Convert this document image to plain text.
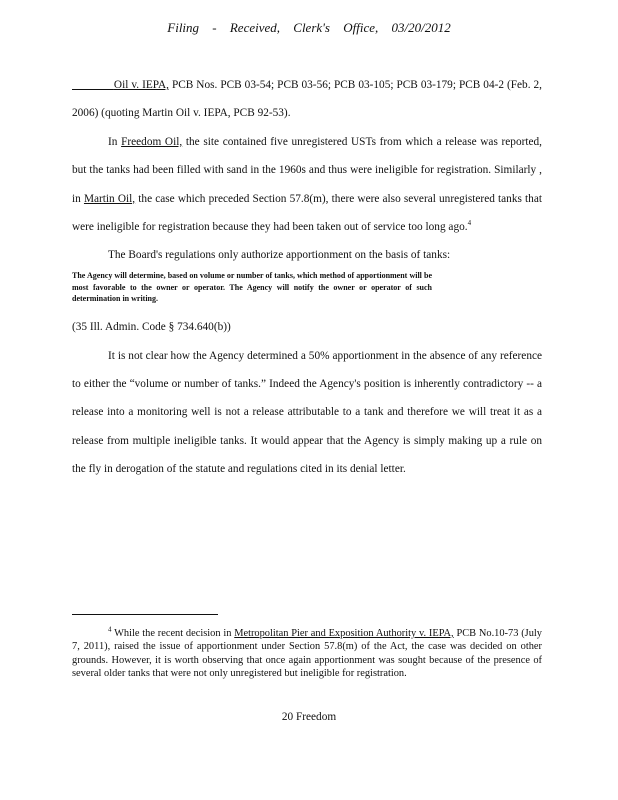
Filing - Received, Clerk's Office, 03/20/2012

Oil v. IEPA, PCB Nos. PCB 03-54; PCB 03-56; PCB 03-105; PCB 03-179; PCB 04-2 (Feb. 2, 2006) (quoting Martin Oil v. IEPA, PCB 92-53).

In Freedom Oil, the site contained five unregistered USTs from which a release was reported, but the tanks had been filled with sand in the 1960s and thus were ineligible for registration. Similarly , in Martin Oil, the case which preceded Section 57.8(m), there were also several unregistered tanks that were ineligible for registration because they had been taken out of service too long ago.$^4$

The Board's regulations only authorize apportionment on the basis of tanks:

The Agency will determine, based on volume or number of tanks, which method of apportionment will be most favorable to the owner or operator. The Agency will notify the owner or operator of such determination in writing.

(35 Ill. Admin. Code § 734.640(b))

It is not clear how the Agency determined a 50% apportionment in the absence of any reference to either the “volume or number of tanks.” Indeed the Agency's position is inherently contradictory -- a release into a monitoring well is not a release attributable to a tank and therefore we will treat it as a release from multiple ineligible tanks. It would appear that the Agency is simply making up a rule on the fly in derogation of the statute and regulations cited in its denial letter.

$^4$ While the recent decision in Metropolitan Pier and Exposition Authority v. IEPA, PCB No.10-73 (July 7, 2011), raised the issue of apportionment under Section 57.8(m) of the Act, the case was decided on other grounds. However, it is worth observing that once again apportionment was sought because of the presence of several older tanks that were not only unregistered but ineligible for registration.

20 Freedom
